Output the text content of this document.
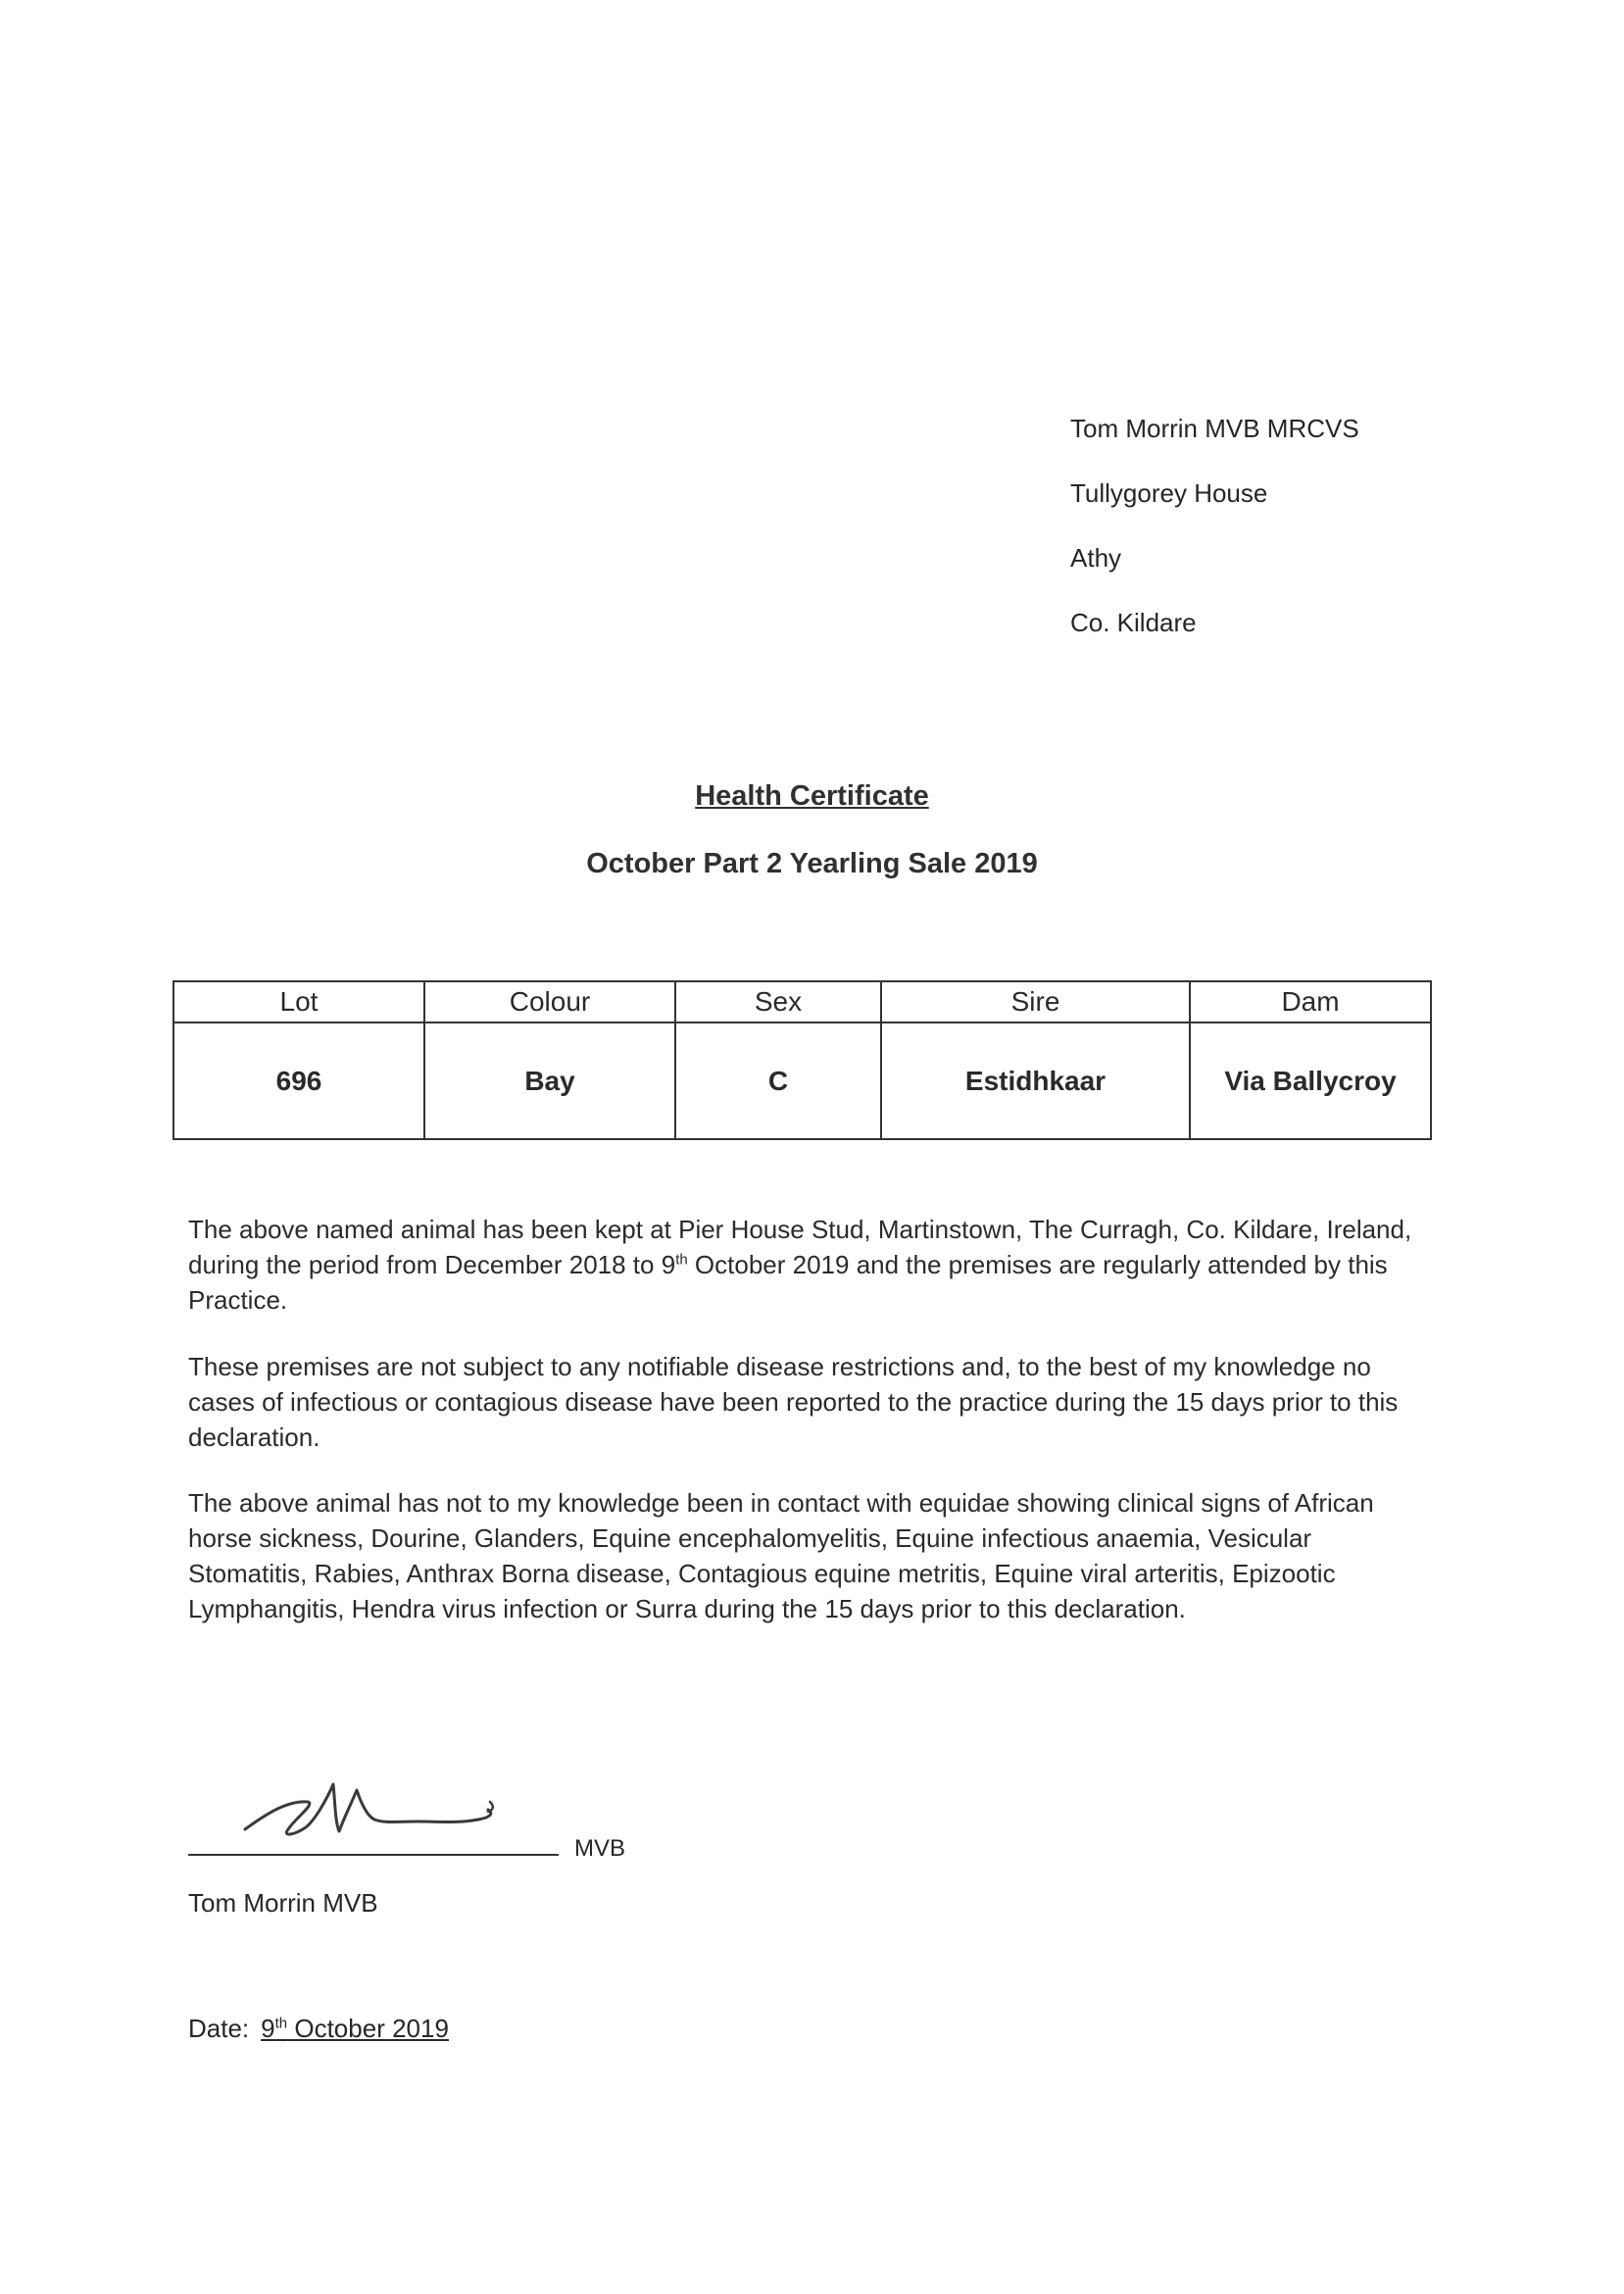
Tom Morrin MVB MRCVS
Tullygorey House
Athy
Co. Kildare
Health Certificate
October Part 2 Yearling Sale 2019
Lot	Colour	Sex	Sire	Dam
696	Bay	C	Estidhkaar	Via Ballycroy
The above named animal has been kept at Pier House Stud, Martinstown, The Curragh, Co. Kildare, Ireland, during the period from December 2018 to 9th October 2019 and the premises are regularly attended by this Practice.
These premises are not subject to any notifiable disease restrictions and, to the best of my knowledge no cases of infectious or contagious disease have been reported to the practice during the 15 days prior to this declaration.
The above animal has not to my knowledge been in contact with equidae showing clinical signs of African horse sickness, Dourine, Glanders, Equine encephalomyelitis, Equine infectious anaemia, Vesicular Stomatitis, Rabies, Anthrax Borna disease, Contagious equine metritis, Equine viral arteritis, Epizootic Lymphangitis, Hendra virus infection or Surra during the 15 days prior to this declaration.
MVB
Tom Morrin MVB
Date: 9th October 2019
